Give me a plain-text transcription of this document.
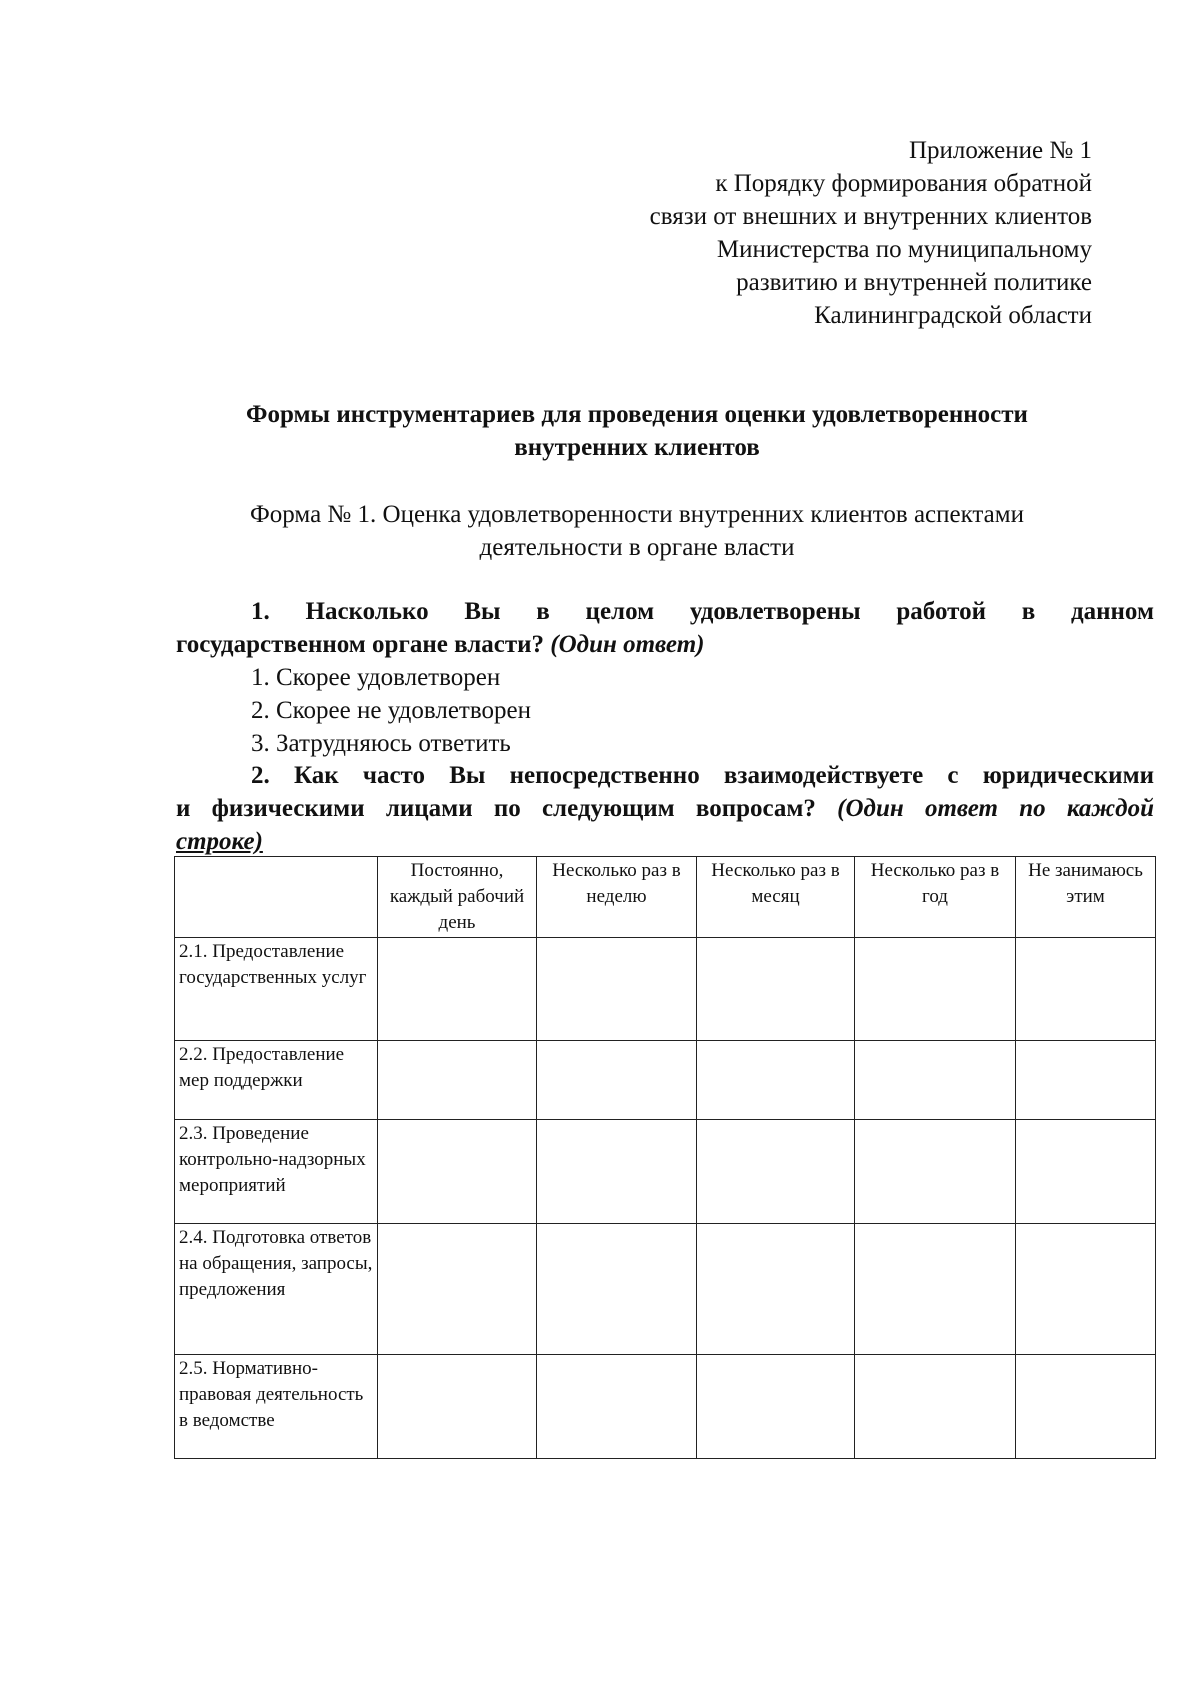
Приложение № 1
к Порядку формирования обратной
связи от внешних и внутренних клиентов
Министерства по муниципальному
развитию и внутренней политике
Калининградской области
Формы инструментариев для проведения оценки удовлетворенности
внутренних клиентов
Форма № 1. Оценка удовлетворенности внутренних клиентов аспектами
деятельности в органе власти

1. Насколько Вы в целом удовлетворены работой в данном

государственном органе власти? (Один ответ)

1. Скорее удовлетворен
2. Скорее не удовлетворен
3. Затрудняюсь ответить

2. Как часто Вы непосредственно взаимодействуете с юридическими

и физическими лицами по следующим вопросам? (Один ответ по каждой

строке)

	Постоянно, каждый рабочий день	Несколько раз в неделю	Несколько раз в месяц	Несколько раз в год	Не занимаюсь этим
2.1. Предоставление государственных услуг					
2.2. Предоставление мер поддержки					
2.3. Проведение контрольно-надзорных мероприятий					
2.4. Подготовка ответов на обращения, запросы, предложения					
2.5. Нормативно-правовая деятельность в ведомстве					
